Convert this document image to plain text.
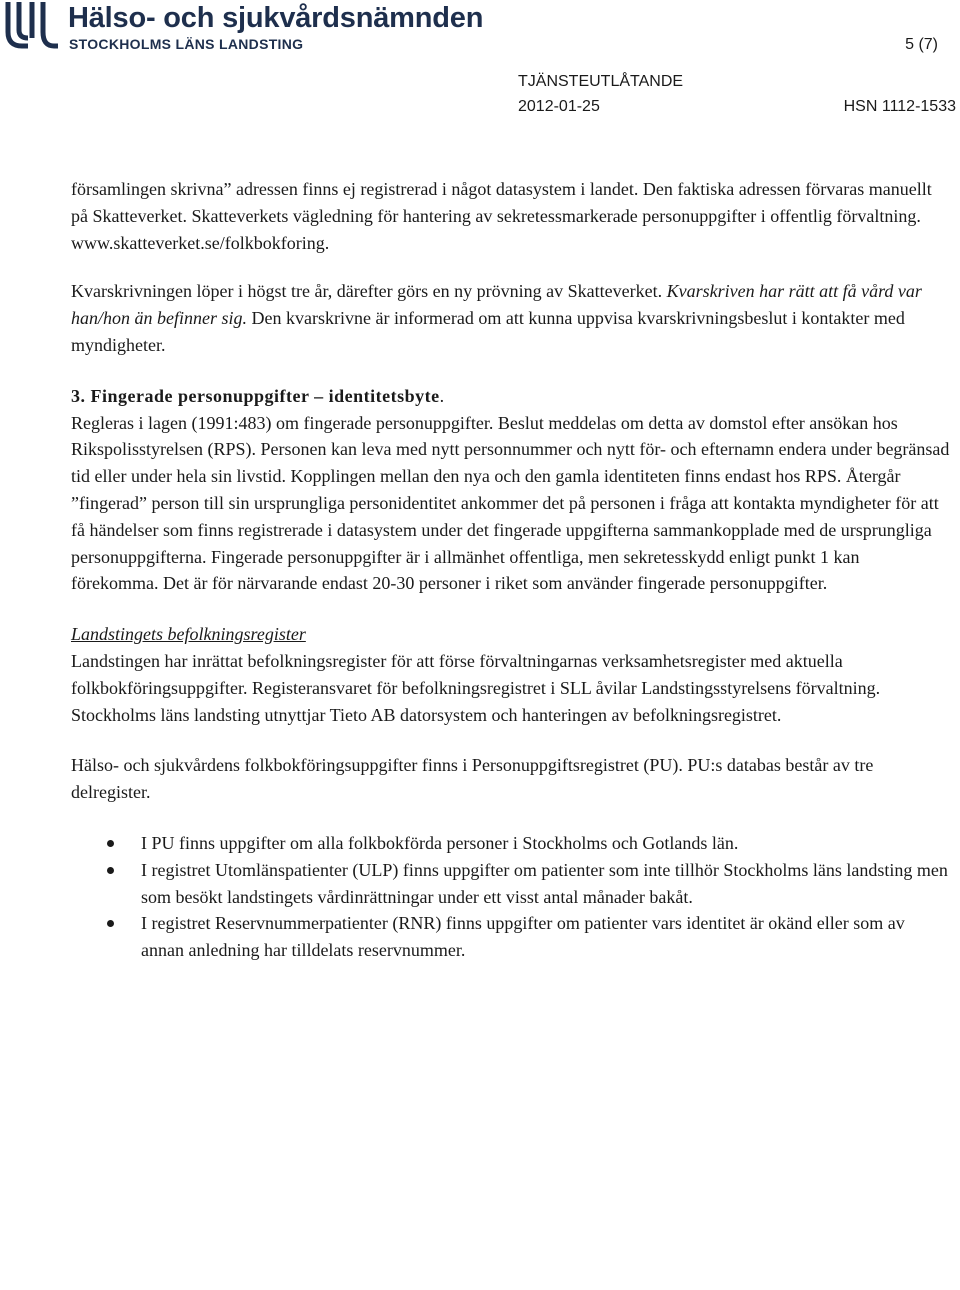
Hälso- och sjukvårdsnämnden
STOCKHOLMS LÄNS LANDSTING	5 (7)
TJÄNSTEUTLÅTANDE
2012-01-25	HSN 1112-1533

församlingen skrivna” adressen finns ej registrerad i något datasystem i landet. Den faktiska adressen förvaras manuellt på Skatteverket. Skatteverkets vägledning för hantering av sekretessmarkerade personuppgifter i offentlig förvaltning. www.skatteverket.se/folkbokforing.

Kvarskrivningen löper i högst tre år, därefter görs en ny prövning av Skatteverket. Kvarskriven har rätt att få vård var han/hon än befinner sig. Den kvarskrivne är informerad om att kunna uppvisa kvarskrivningsbeslut i kontakter med myndigheter.

3. Fingerade personuppgifter – identitetsbyte.
Regleras i lagen (1991:483) om fingerade personuppgifter. Beslut meddelas om detta av domstol efter ansökan hos Rikspolisstyrelsen (RPS). Personen kan leva med nytt personnummer och nytt för- och efternamn endera under begränsad tid eller under hela sin livstid. Kopplingen mellan den nya och den gamla identiteten finns endast hos RPS. Återgår ”fingerad” person till sin ursprungliga personidentitet ankommer det på personen i fråga att kontakta myndigheter för att få händelser som finns registrerade i datasystem under det fingerade uppgifterna sammankopplade med de ursprungliga personuppgifterna. Fingerade personuppgifter är i allmänhet offentliga, men sekretesskydd enligt punkt 1 kan förekomma. Det är för närvarande endast 20-30 personer i riket som använder fingerade personuppgifter.

Landstingets befolkningsregister

Landstingen har inrättat befolkningsregister för att förse förvaltningarnas verksamhetsregister med aktuella folkbokföringsuppgifter. Registeransvaret för befolkningsregistret i SLL åvilar Landstingsstyrelsens förvaltning. Stockholms läns landsting utnyttjar Tieto AB datorsystem och hanteringen av befolkningsregistret.

Hälso- och sjukvårdens folkbokföringsuppgifter finns i Personuppgiftsregistret (PU). PU:s databas består av tre delregister.

I PU finns uppgifter om alla folkbokförda personer i Stockholms och Gotlands län.
I registret Utomlänspatienter (ULP) finns uppgifter om patienter som inte tillhör Stockholms läns landsting men som besökt landstingets vårdinrättningar under ett visst antal månader bakåt.
I registret Reservnummerpatienter (RNR) finns uppgifter om patienter vars identitet är okänd eller som av annan anledning har tilldelats reservnummer.
